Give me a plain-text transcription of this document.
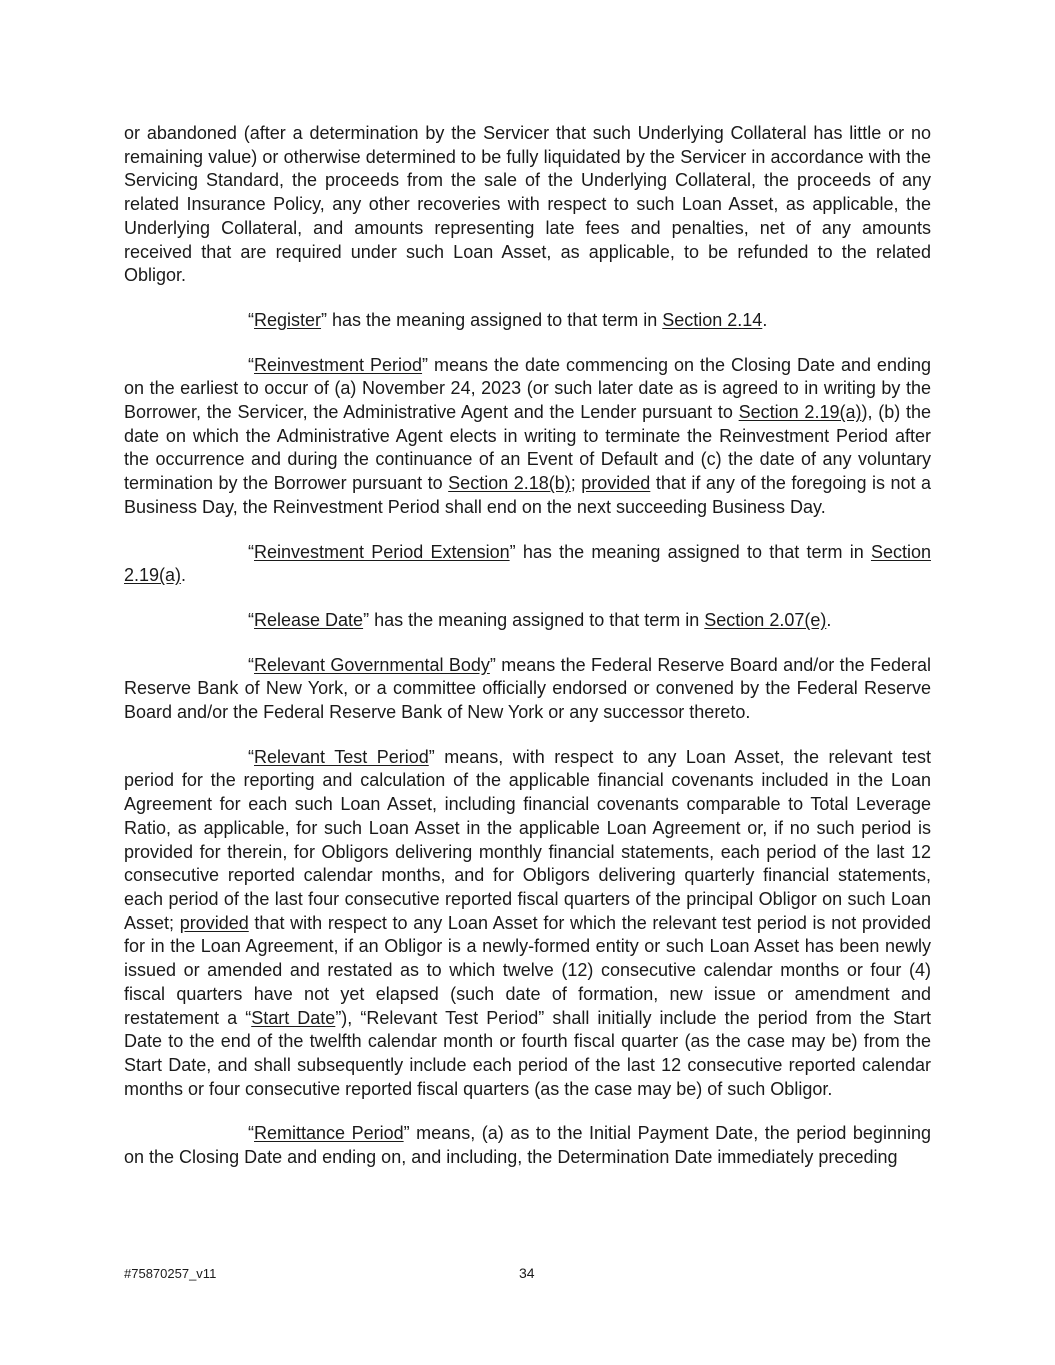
or abandoned (after a determination by the Servicer that such Underlying Collateral has little or no remaining value) or otherwise determined to be fully liquidated by the Servicer in accordance with the Servicing Standard, the proceeds from the sale of the Underlying Collateral, the proceeds of any related Insurance Policy, any other recoveries with respect to such Loan Asset, as applicable, the Underlying Collateral, and amounts representing late fees and penalties, net of any amounts received that are required under such Loan Asset, as applicable, to be refunded to the related Obligor.

“Register” has the meaning assigned to that term in Section 2.14.

“Reinvestment Period” means the date commencing on the Closing Date and ending on the earliest to occur of (a) November 24, 2023 (or such later date as is agreed to in writing by the Borrower, the Servicer, the Administrative Agent and the Lender pursuant to Section 2.19(a)), (b) the date on which the Administrative Agent elects in writing to terminate the Reinvestment Period after the occurrence and during the continuance of an Event of Default and (c) the date of any voluntary termination by the Borrower pursuant to Section 2.18(b); provided that if any of the foregoing is not a Business Day, the Reinvestment Period shall end on the next succeeding Business Day.

“Reinvestment Period Extension” has the meaning assigned to that term in Section 2.19(a).

“Release Date” has the meaning assigned to that term in Section 2.07(e).

“Relevant Governmental Body” means the Federal Reserve Board and/or the Federal Reserve Bank of New York, or a committee officially endorsed or convened by the Federal Reserve Board and/or the Federal Reserve Bank of New York or any successor thereto.

“Relevant Test Period” means, with respect to any Loan Asset, the relevant test period for the reporting and calculation of the applicable financial covenants included in the Loan Agreement for each such Loan Asset, including financial covenants comparable to Total Leverage Ratio, as applicable, for such Loan Asset in the applicable Loan Agreement or, if no such period is provided for therein, for Obligors delivering monthly financial statements, each period of the last 12 consecutive reported calendar months, and for Obligors delivering quarterly financial statements, each period of the last four consecutive reported fiscal quarters of the principal Obligor on such Loan Asset; provided that with respect to any Loan Asset for which the relevant test period is not provided for in the Loan Agreement, if an Obligor is a newly-formed entity or such Loan Asset has been newly issued or amended and restated as to which twelve (12) consecutive calendar months or four (4) fiscal quarters have not yet elapsed (such date of formation, new issue or amendment and restatement a “Start Date”), “Relevant Test Period” shall initially include the period from the Start Date to the end of the twelfth calendar month or fourth fiscal quarter (as the case may be) from the Start Date, and shall subsequently include each period of the last 12 consecutive reported calendar months or four consecutive reported fiscal quarters (as the case may be) of such Obligor.

“Remittance Period” means, (a) as to the Initial Payment Date, the period beginning on the Closing Date and ending on, and including, the Determination Date immediately preceding

#75870257_v11	34
